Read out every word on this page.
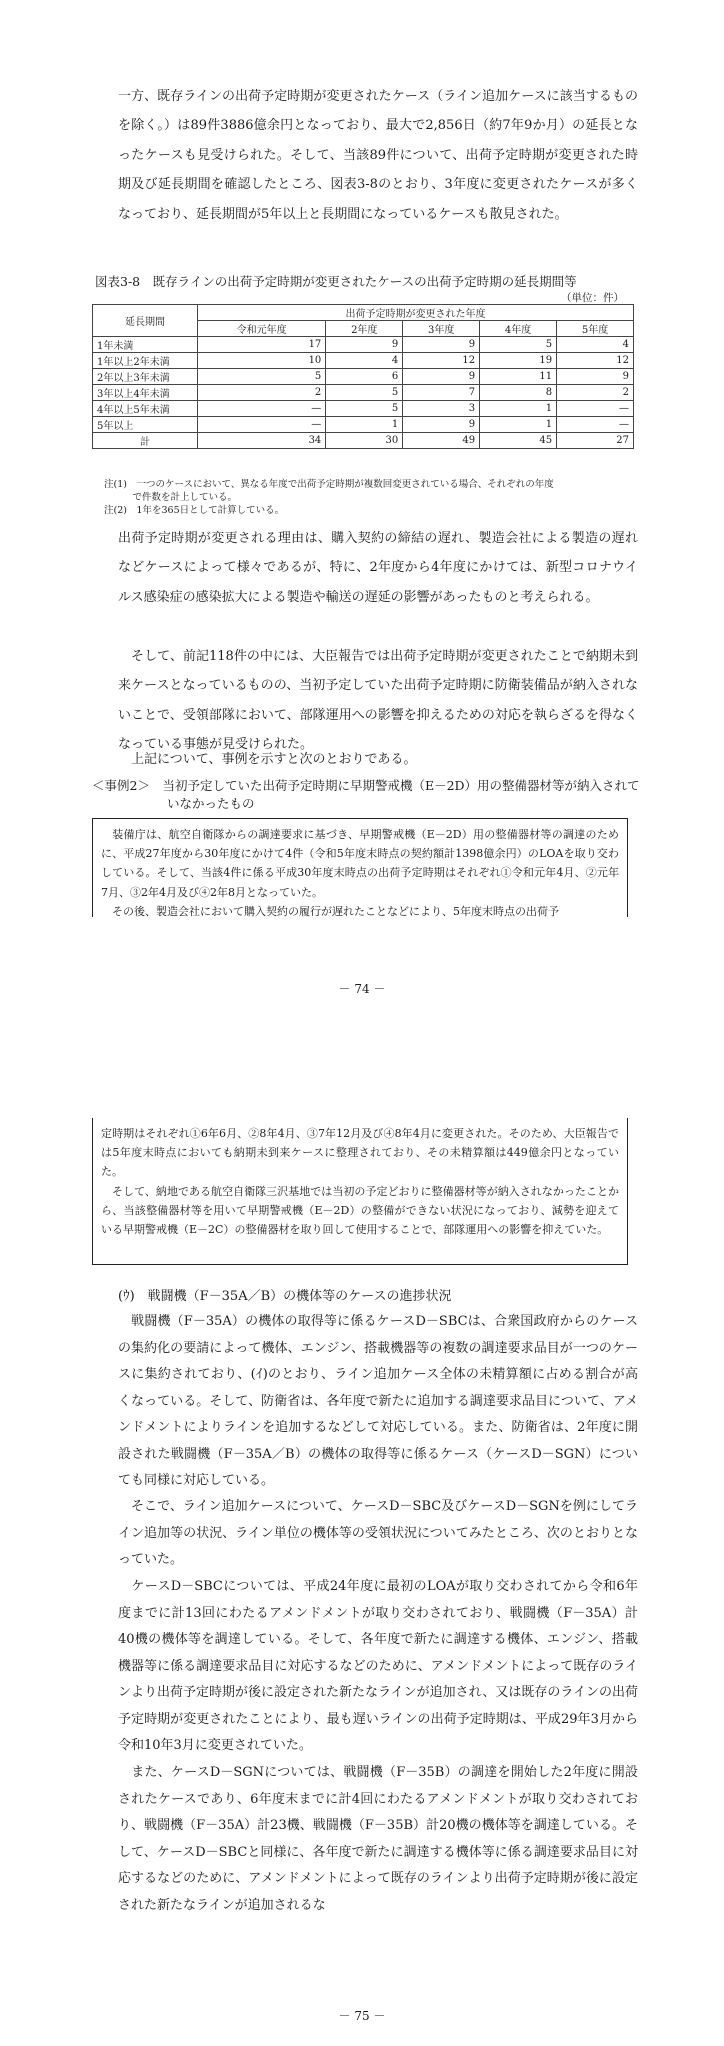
一方、既存ラインの出荷予定時期が変更されたケース（ライン追加ケースに該当するものを除く。）は89件3886億余円となっており、最大で2,856日（約7年9か月）の延長となったケースも見受けられた。そして、当該89件について、出荷予定時期が変更された時期及び延長期間を確認したところ、図表3-8のとおり、3年度に変更されたケースが多くなっており、延長期間が5年以上と長期間になっているケースも散見された。

図表3-8　既存ラインの出荷予定時期が変更されたケースの出荷予定時期の延長期間等
（単位：件）
延長期間	出荷予定時期が変更された年度				
	令和元年度	2年度	3年度	4年度	5年度
1年未満	17	9	9	5	4
1年以上2年未満	10	4	12	19	12
2年以上3年未満	5	6	9	11	9
3年以上4年未満	2	5	7	8	2
4年以上5年未満	—	5	3	1	—
5年以上	—	1	9	1	—
計	34	30	49	45	27

注(1)　一つのケースにおいて、異なる年度で出荷予定時期が複数回変更されている場合、それぞれの年度
　　　で件数を計上している。

注(2)　1年を365日として計算している。

出荷予定時期が変更される理由は、購入契約の締結の遅れ、製造会社による製造の遅れなどケースによって様々であるが、特に、2年度から4年度にかけては、新型コロナウイルス感染症の感染拡大による製造や輸送の遅延の影響があったものと考えられる。

　そして、前記118件の中には、大臣報告では出荷予定時期が変更されたことで納期未到来ケースとなっているものの、当初予定していた出荷予定時期に防衛装備品が納入されないことで、受領部隊において、部隊運用への影響を抑えるための対応を執らざるを得なくなっている事態が見受けられた。

　上記について、事例を示すと次のとおりである。

＜事例2＞　当初予定していた出荷予定時期に早期警戒機（E－2D）用の整備器材等が納入されて
　　　　　　いなかったもの

　装備庁は、航空自衛隊からの調達要求に基づき、早期警戒機（E－2D）用の整備器材等の調達のために、平成27年度から30年度にかけて4件（令和5年度末時点の契約額計1398億余円）のLOAを取り交わしている。そして、当該4件に係る平成30年度末時点の出荷予定時期はそれぞれ①令和元年4月、②元年7月、③2年4月及び④2年8月となっていた。

　その後、製造会社において購入契約の履行が遅れたことなどにより、5年度末時点の出荷予

－ 74 －

定時期はそれぞれ①6年6月、②8年4月、③7年12月及び④8年4月に変更された。そのため、大臣報告では5年度末時点においても納期未到来ケースに整理されており、その未精算額は449億余円となっていた。

　そして、納地である航空自衛隊三沢基地では当初の予定どおりに整備器材等が納入されなかったことから、当該整備器材等を用いて早期警戒機（E－2D）の整備ができない状況になっており、減勢を迎えている早期警戒機（E－2C）の整備器材を取り回して使用することで、部隊運用への影響を抑えていた。

(ｳ)　戦闘機（F－35A／B）の機体等のケースの進捗状況

　戦闘機（F－35A）の機体の取得等に係るケースD－SBCは、合衆国政府からのケースの集約化の要請によって機体、エンジン、搭載機器等の複数の調達要求品目が一つのケースに集約されており、(ｲ)のとおり、ライン追加ケース全体の未精算額に占める割合が高くなっている。そして、防衛省は、各年度で新たに追加する調達要求品目について、アメンドメントによりラインを追加するなどして対応している。また、防衛省は、2年度に開設された戦闘機（F－35A／B）の機体の取得等に係るケース（ケースD－SGN）についても同様に対応している。

　そこで、ライン追加ケースについて、ケースD－SBC及びケースD－SGNを例にしてライン追加等の状況、ライン単位の機体等の受領状況についてみたところ、次のとおりとなっていた。

　ケースD－SBCについては、平成24年度に最初のLOAが取り交わされてから令和6年度までに計13回にわたるアメンドメントが取り交わされており、戦闘機（F－35A）計40機の機体等を調達している。そして、各年度で新たに調達する機体、エンジン、搭載機器等に係る調達要求品目に対応するなどのために、アメンドメントによって既存のラインより出荷予定時期が後に設定された新たなラインが追加され、又は既存のラインの出荷予定時期が変更されたことにより、最も遅いラインの出荷予定時期は、平成29年3月から令和10年3月に変更されていた。

　また、ケースD－SGNについては、戦闘機（F－35B）の調達を開始した2年度に開設されたケースであり、6年度末までに計4回にわたるアメンドメントが取り交わされており、戦闘機（F－35A）計23機、戦闘機（F－35B）計20機の機体等を調達している。そして、ケースD－SBCと同様に、各年度で新たに調達する機体等に係る調達要求品目に対応するなどのために、アメンドメントによって既存のラインより出荷予定時期が後に設定された新たなラインが追加されるな

－ 75 －
